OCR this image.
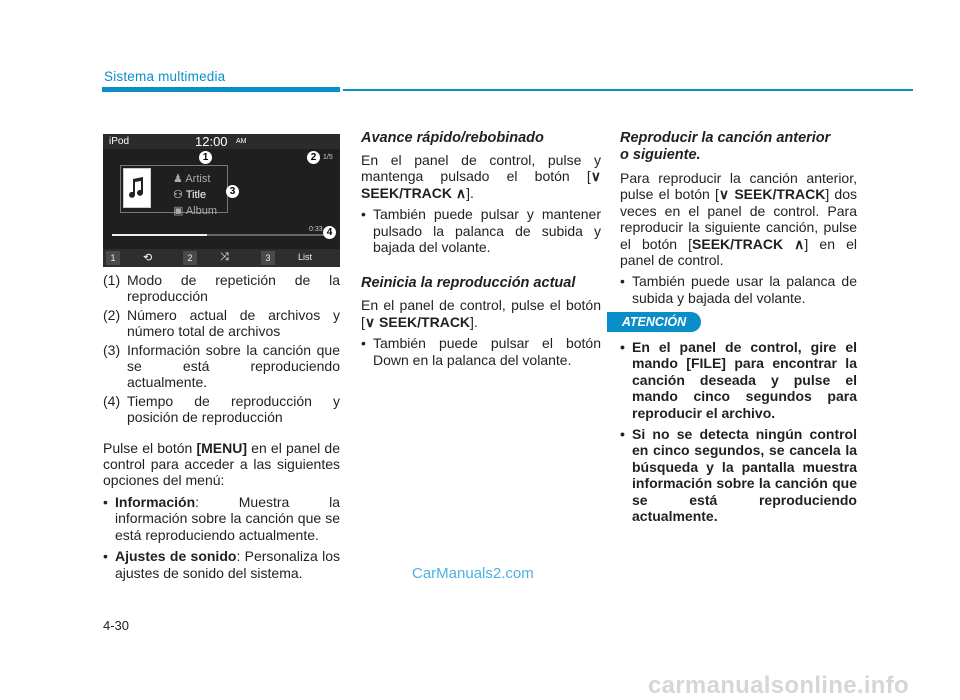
Sistema multimedia
iPod	12:00 AM
1/5
♟ Artist
⚇ Title
▣ Album
0:33
1	2	3
⟲	⤨	List
1	2
3
4
(1) Modo de repetición de la reproducción
(2) Número actual de archivos y número total de archivos
(3) Información sobre la canción que se está reproduciendo actualmente.
(4) Tiempo de reproducción y posición de reproducción

Pulse el botón [MENU] en el panel de control para acceder a las siguientes opciones del menú:

• Información: Muestra la información sobre la canción que se está reproduciendo actualmente.
• Ajustes de sonido: Personaliza los ajustes de sonido del sistema.

Avance rápido/rebobinado

En el panel de control, pulse y mantenga pulsado el botón [∨ SEEK/TRACK ∧].

• También puede pulsar y mantener pulsado la palanca de subida y bajada del volante.

Reinicia la reproducción actual

En el panel de control, pulse el botón [∨ SEEK/TRACK].

• También puede pulsar el botón Down en la palanca del volante.

Reproducir la canción anterior
o siguiente.

Para reproducir la canción anterior, pulse el botón [∨ SEEK/TRACK] dos veces en el panel de control. Para reproducir la siguiente canción, pulse el botón [SEEK/TRACK ∧] en el panel de control.

• También puede usar la palanca de subida y bajada del volante.
ATENCIÓN
• En el panel de control, gire el mando [FILE] para encontrar la canción deseada y pulse el mando cinco segundos para reproducir el archivo.
• Si no se detecta ningún control en cinco segundos, se cancela la búsqueda y la pantalla muestra información sobre la canción que se está reproduciendo actualmente.
CarManuals2.com
4-30
carmanualsonline.info
